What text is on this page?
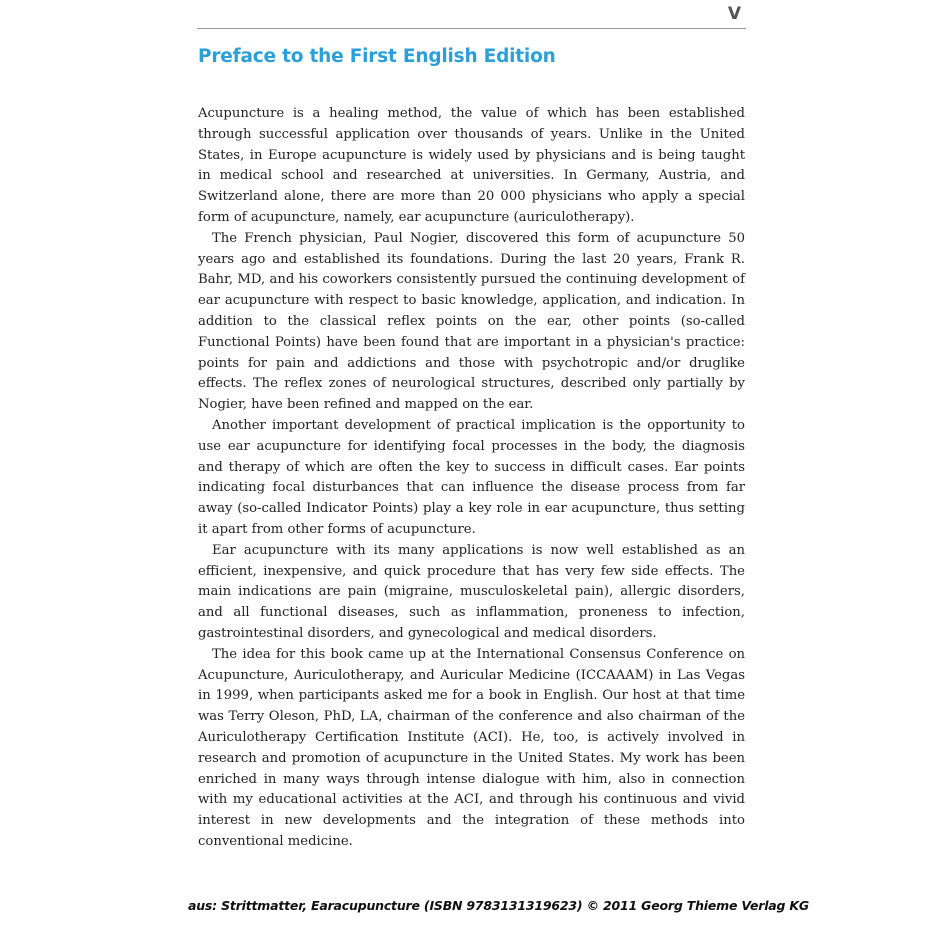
V
Preface to the First English Edition

Acupuncture is a healing method, the value of which has been established through successful application over thousands of years. Unlike in the United States, in Europe acupuncture is widely used by physicians and is being taught in medical school and researched at universities. In Germany, Austria, and Switzerland alone, there are more than 20 000 physicians who apply a special form of acupuncture, namely, ear acupuncture (auriculotherapy).

The French physician, Paul Nogier, discovered this form of acupuncture 50 years ago and established its foundations. During the last 20 years, Frank R. Bahr, MD, and his coworkers consistently pursued the continuing development of ear acupuncture with respect to basic knowledge, application, and indication. In addition to the classical reflex points on the ear, other points (so-called Functional Points) have been found that are important in a physician's practice: points for pain and addictions and those with psychotropic and/or druglike effects. The reflex zones of neurological structures, described only partially by Nogier, have been refined and mapped on the ear.

Another important development of practical implication is the opportunity to use ear acupuncture for identifying focal processes in the body, the diagnosis and therapy of which are often the key to success in difficult cases. Ear points indicating focal disturbances that can influence the disease process from far away (so-called Indicator Points) play a key role in ear acupuncture, thus setting it apart from other forms of acupuncture.

Ear acupuncture with its many applications is now well established as an efficient, inexpensive, and quick procedure that has very few side effects. The main indications are pain (migraine, musculoskeletal pain), allergic disorders, and all functional diseases, such as inflammation, proneness to infection, gastrointestinal disorders, and gynecological and medical disorders.

The idea for this book came up at the International Consensus Conference on Acupuncture, Auriculotherapy, and Auricular Medicine (ICCAAAM) in Las Vegas in 1999, when participants asked me for a book in English. Our host at that time was Terry Oleson, PhD, LA, chairman of the conference and also chairman of the Auriculotherapy Certification Institute (ACI). He, too, is actively involved in research and promotion of acupuncture in the United States. My work has been enriched in many ways through intense dialogue with him, also in connection with my educational activities at the ACI, and through his continuous and vivid interest in new developments and the integration of these methods into conventional medicine.

aus: Strittmatter, Earacupuncture (ISBN 9783131319623) © 2011 Georg Thieme Verlag KG
